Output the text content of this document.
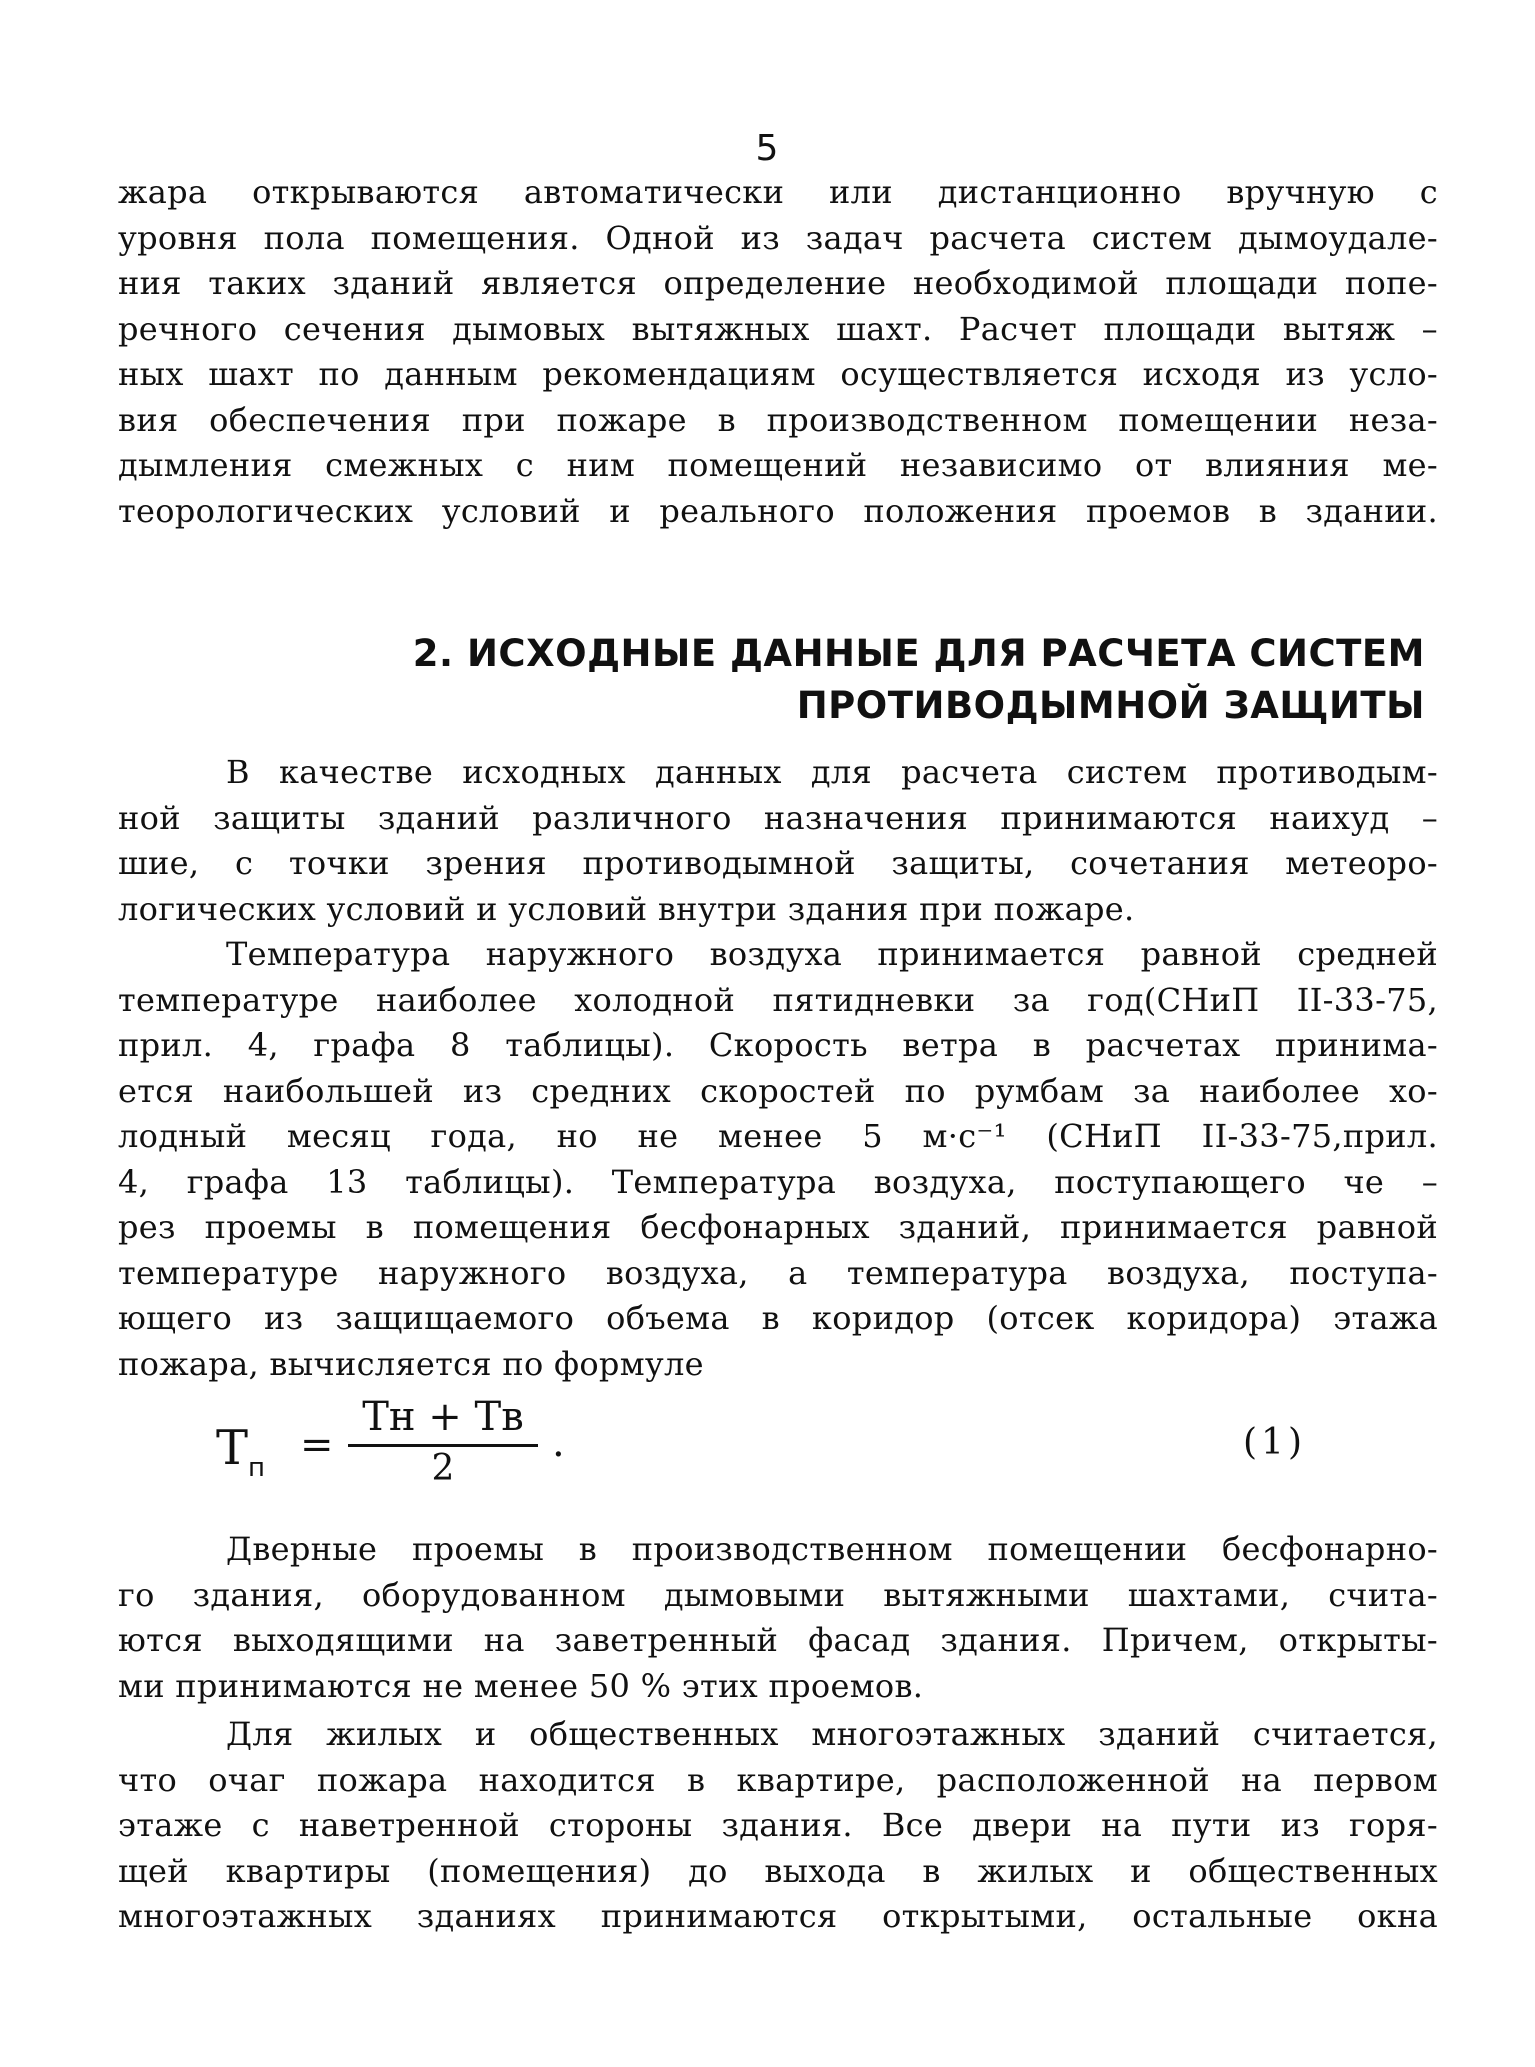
5
жара открываются автоматически или дистанционно вручную с
уровня пола помещения. Одной из задач расчета систем дымоудале-
ния таких зданий является определение необходимой площади попе-
речного сечения дымовых вытяжных шахт. Расчет площади вытяж –
ных шахт по данным рекомендациям осуществляется исходя из усло-
вия обеспечения при пожаре в производственном помещении неза-
дымления смежных с ним помещений независимо от влияния ме-
теорологических условий и реального положения проемов в здании.
2. ИСХОДНЫЕ ДАННЫЕ ДЛЯ РАСЧЕТА СИСТЕМ
ПРОТИВОДЫМНОЙ ЗАЩИТЫ
В качестве исходных данных для расчета систем противодым-
ной защиты зданий различного назначения принимаются наихуд –
шие, с точки зрения противодымной защиты, сочетания метеоро-
логических условий и условий внутри здания при пожаре.
Температура наружного воздуха принимается равной средней
температуре наиболее холодной пятидневки за год(СНиП II-33-75,
прил. 4, графа 8 таблицы). Скорость ветра в расчетах принима-
ется наибольшей из средних скоростей по румбам за наиболее хо-
лодный месяц года, но не менее 5 м·с⁻¹ (СНиП II-33-75,прил.
4, графа 13 таблицы). Температура воздуха, поступающего че –
рез проемы в помещения бесфонарных зданий, принимается равной
температуре наружного воздуха, а температура воздуха, поступа-
ющего из защищаемого объема в коридор (отсек коридора) этажа
пожара, вычисляется по формуле
$T_п$ =
Tн + Tв
2
.	(1)
Дверные проемы в производственном помещении бесфонарно-
го здания, оборудованном дымовыми вытяжными шахтами, счита-
ются выходящими на заветренный фасад здания. Причем, открыты-
ми принимаются не менее 50 % этих проемов.
Для жилых и общественных многоэтажных зданий считается,
что очаг пожара находится в квартире, расположенной на первом
этаже с наветренной стороны здания. Все двери на пути из горя-
щей квартиры (помещения) до выхода в жилых и общественных
многоэтажных зданиях принимаются открытыми, остальные окна
